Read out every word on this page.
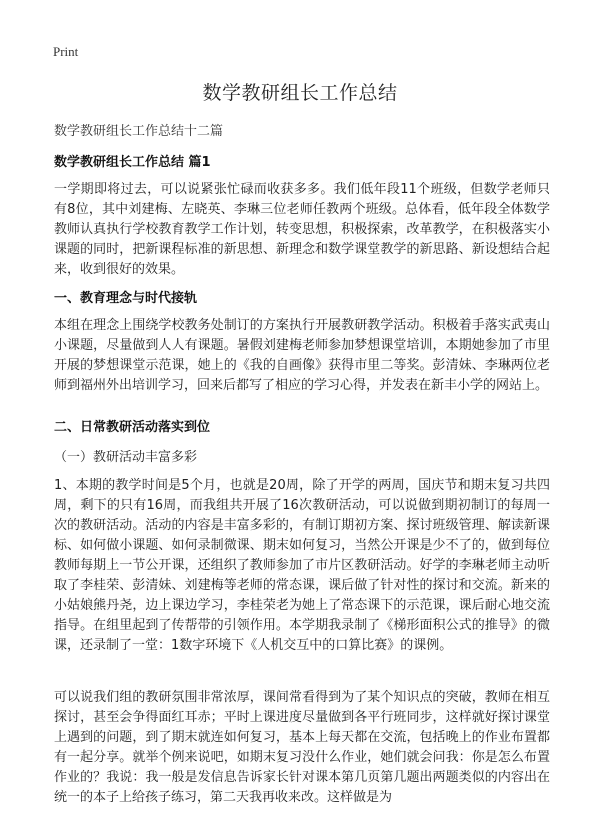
Print
数学教研组长工作总结
数学教研组长工作总结十二篇
数学教研组长工作总结 篇1

一学期即将过去，可以说紧张忙碌而收获多多。我们低年段11个班级，但数学老师只有8位，其中刘建梅、左晓英、李琳三位老师任教两个班级。总体看，低年段全体数学教师认真执行学校教育教学工作计划，转变思想，积极探索，改革教学，在积极落实小课题的同时，把新课程标准的新思想、新理念和数学课堂教学的新思路、新设想结合起来，收到很好的效果。

一、教育理念与时代接轨

本组在理念上围绕学校教务处制订的方案执行开展教研教学活动。积极着手落实武夷山小课题，尽量做到人人有课题。暑假刘建梅老师参加梦想课堂培训，本期她参加了市里开展的梦想课堂示范课，她上的《我的自画像》获得市里二等奖。彭清妹、李琳两位老师到福州外出培训学习，回来后都写了相应的学习心得，并发表在新丰小学的网站上。

二、日常教研活动落实到位
（一）教研活动丰富多彩

1、本期的教学时间是5个月，也就是20周，除了开学的两周，国庆节和期末复习共四周，剩下的只有16周，而我组共开展了16次教研活动，可以说做到期初制订的每周一次的教研活动。活动的内容是丰富多彩的，有制订期初方案、探讨班级管理、解读新课标、如何做小课题、如何录制微课、期末如何复习，当然公开课是少不了的，做到每位教师每期上一节公开课，还组织了教师参加了市片区教研活动。好学的李琳老师主动听取了李桂荣、彭清妹、刘建梅等老师的常态课，课后做了针对性的探讨和交流。新来的小姑娘熊丹尧，边上课边学习，李桂荣老为她上了常态课下的示范课，课后耐心地交流指导。在组里起到了传帮带的引领作用。本学期我录制了《梯形面积公式的推导》的微课，还录制了一堂：1数字环境下《人机交互中的口算比赛》的课例。

可以说我们组的教研氛围非常浓厚，课间常看得到为了某个知识点的突破，教师在相互探讨，甚至会争得面红耳赤；平时上课进度尽量做到各平行班同步，这样就好探讨课堂上遇到的问题，到了期末就连如何复习，基本上每天都在交流，包括晚上的作业布置都有一起分享。就举个例来说吧，如期末复习没什么作业，她们就会问我：你是怎么布置作业的？我说：我一般是发信息告诉家长针对课本第几页第几题出两题类似的内容出在统一的本子上给孩子练习，第二天我再收来改。这样做是为
